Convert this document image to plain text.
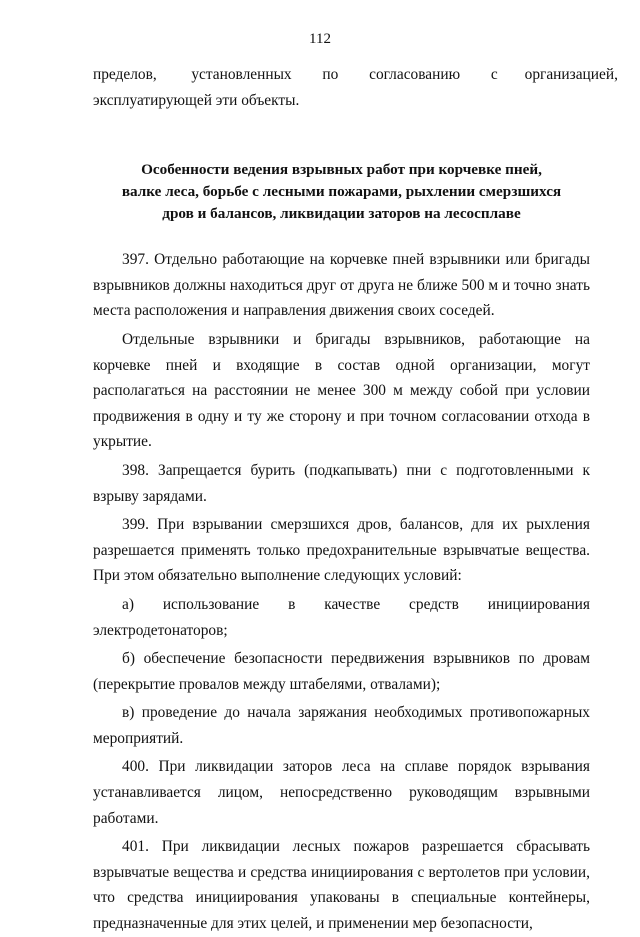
112

пределов,         установленных        по        согласованию        с       организацией,

эксплуатирующей эти объекты.

Особенности ведения взрывных работ при корчевке пней,
валке леса, борьбе с лесными пожарами, рыхлении смерзшихся
дров и балансов, ликвидации заторов на лесосплаве

397. Отдельно работающие на корчевке пней взрывники или бригады взрывников должны находиться друг от друга не ближе 500 м и точно знать места расположения и направления движения своих соседей.

Отдельные взрывники и бригады взрывников, работающие на корчевке пней и входящие в состав одной организации, могут располагаться на расстоянии не менее 300 м между собой при условии продвижения в одну и ту же сторону и при точном согласовании отхода в укрытие.

398. Запрещается бурить (подкапывать) пни с подготовленными к взрыву зарядами.

399. При взрывании смерзшихся дров, балансов, для их рыхления разрешается применять только предохранительные взрывчатые вещества. При этом обязательно выполнение следующих условий:

а) использование в качестве средств инициирования электродетонаторов;

б) обеспечение безопасности передвижения взрывников по дровам (перекрытие провалов между штабелями, отвалами);

в) проведение до начала заряжания необходимых противопожарных мероприятий.

400. При ликвидации заторов леса на сплаве порядок взрывания устанавливается лицом, непосредственно руководящим взрывными работами.

401. При ликвидации лесных пожаров разрешается сбрасывать взрывчатые вещества и средства инициирования с вертолетов при условии, что средства инициирования упакованы в специальные контейнеры, предназначенные для этих целей, и применении мер безопасности,
